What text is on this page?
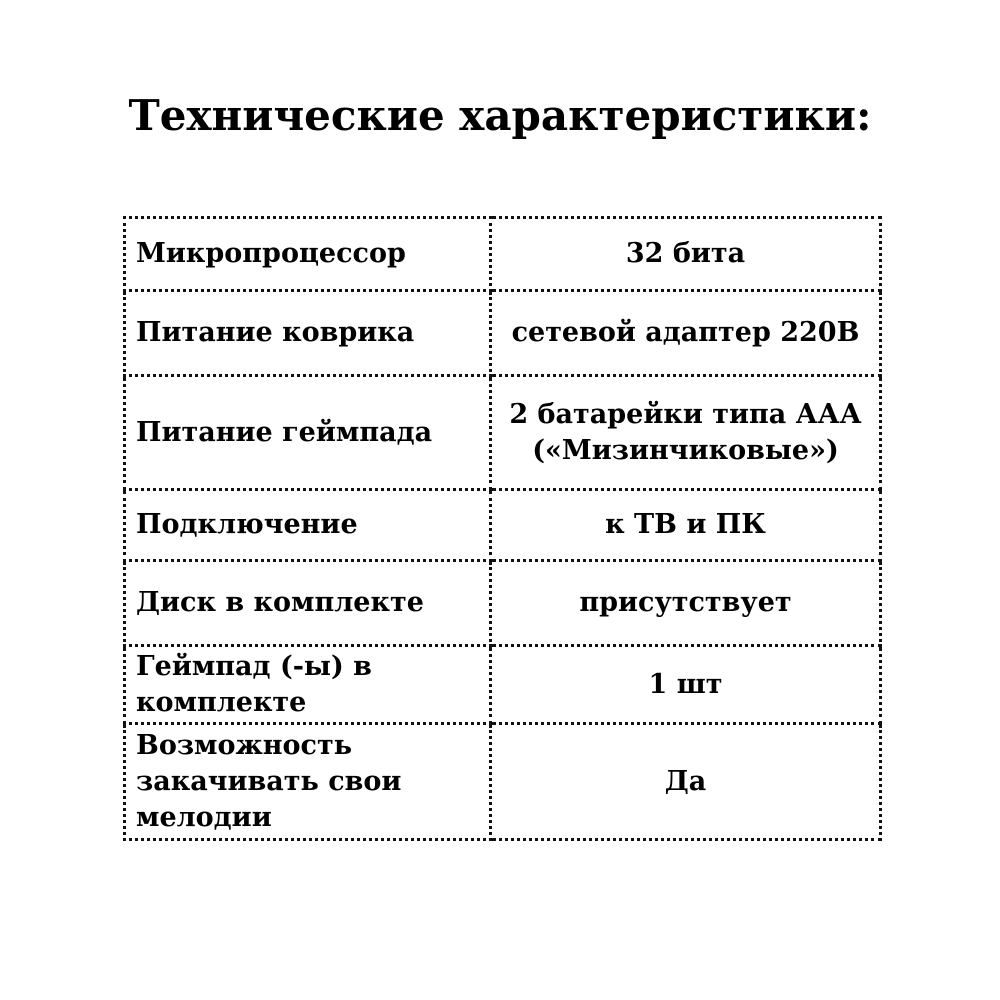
Технические характеристики:
Микропроцессор	32 бита
Питание коврика	сетевой адаптер 220В
Питание геймпада	2 батарейки типа ААА («Мизинчиковые»)
Подключение	к ТВ и ПК
Диск в комплекте	присутствует
Геймпад (-ы) в комплекте	1 шт
Возможность закачивать свои мелодии	Да
